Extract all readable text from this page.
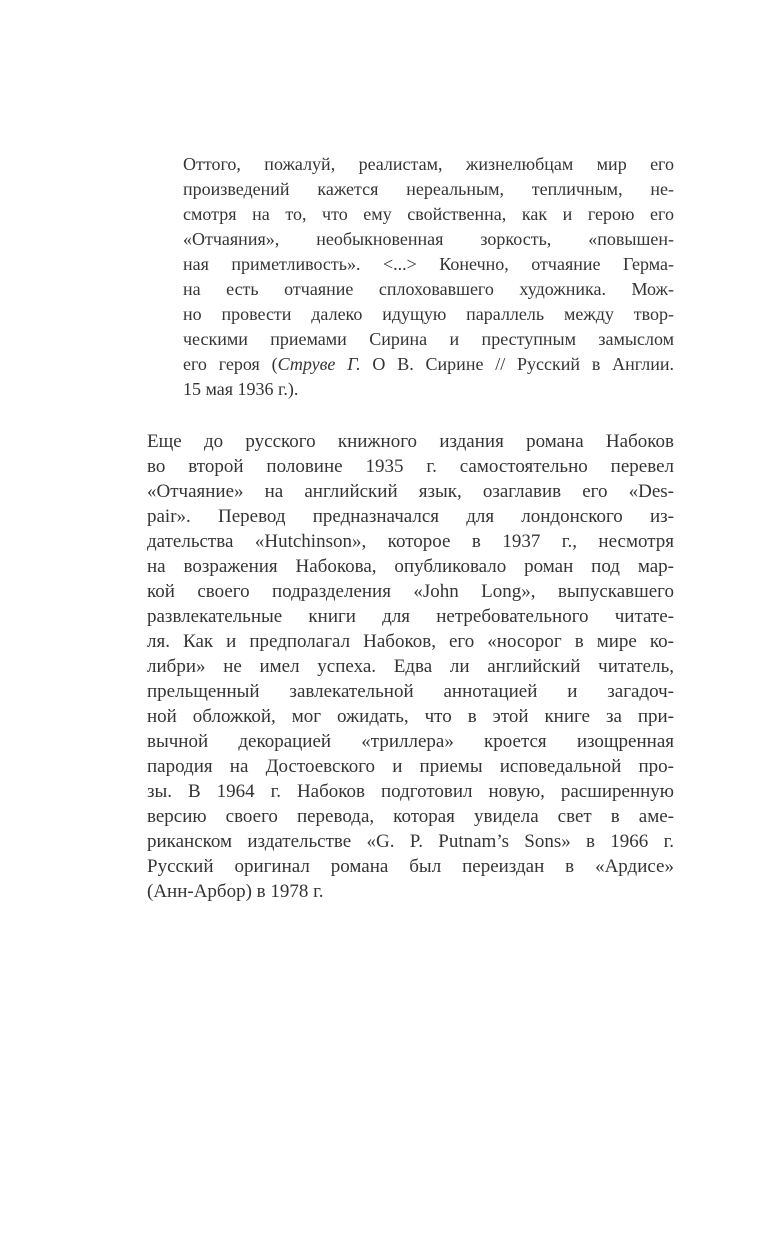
Оттого, пожалуй, реалистам, жизнелюбцам мир его
произведений кажется нереальным, тепличным, не-
смотря на то, что ему свойственна, как и герою его
«Отчаяния», необыкновенная зоркость, «повышен-
ная приметливость». <...> Конечно, отчаяние Герма-
на есть отчаяние сплоховавшего художника. Мож-
но провести далеко идущую параллель между твор-
ческими приемами Сирина и преступным замыслом
его героя (Струве Г. О В. Сирине // Русский в Англии.
15 мая 1936 г.).
Еще до русского книжного издания романа Набоков
во второй половине 1935 г. самостоятельно перевел
«Отчаяние» на английский язык, озаглавив его «Des-
pair». Перевод предназначался для лондонского из-
дательства «Hutchinson», которое в 1937 г., несмотря
на возражения Набокова, опубликовало роман под мар-
кой своего подразделения «John Long», выпускавшего
развлекательные книги для нетребовательного читате-
ля. Как и предполагал Набоков, его «носорог в мире ко-
либри» не имел успеха. Едва ли английский читатель,
прельщенный завлекательной аннотацией и загадоч-
ной обложкой, мог ожидать, что в этой книге за при-
вычной декорацией «триллера» кроется изощренная
пародия на Достоевского и приемы исповедальной про-
зы. В 1964 г. Набоков подготовил новую, расширенную
версию своего перевода, которая увидела свет в аме-
риканском издательстве «G. P. Putnam’s Sons» в 1966 г.
Русский оригинал романа был переиздан в «Ардисе»
(Анн-Арбор) в 1978 г.
